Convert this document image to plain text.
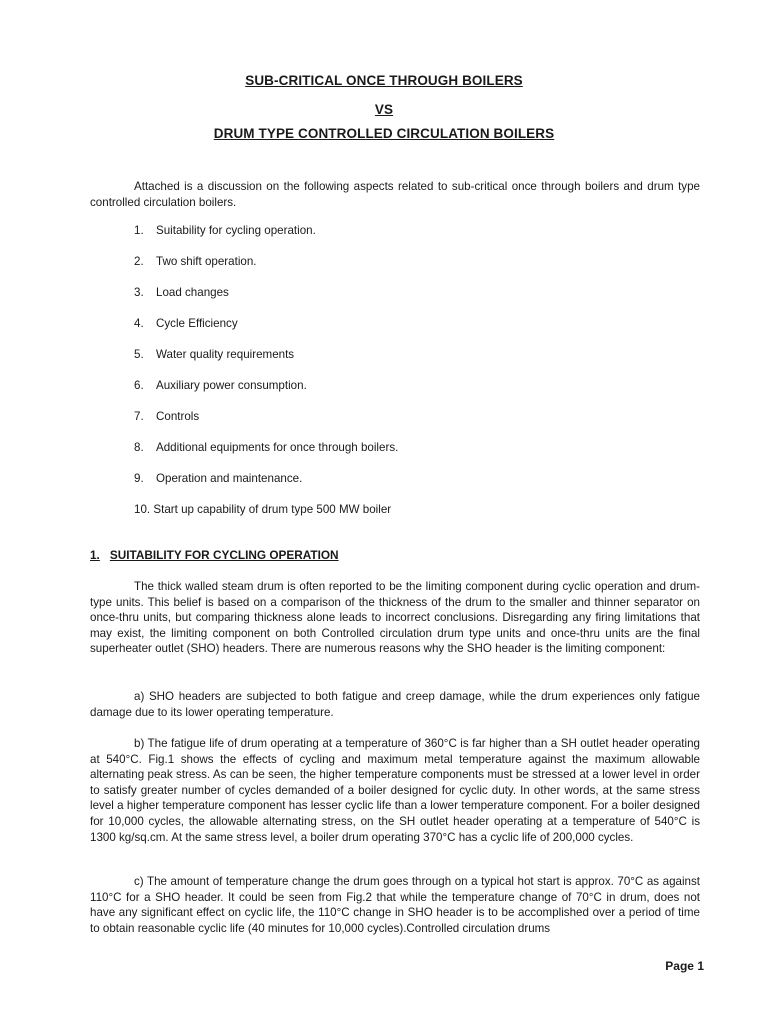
SUB-CRITICAL ONCE THROUGH BOILERS
VS
DRUM TYPE CONTROLLED CIRCULATION BOILERS

Attached is a discussion on the following aspects related to sub-critical once through boilers and drum type controlled circulation boilers.

1. Suitability for cycling operation.
2. Two shift operation.
3. Load changes
4. Cycle Efficiency
5. Water quality requirements
6. Auxiliary power consumption.
7. Controls
8. Additional equipments for once through boilers.
9. Operation and maintenance.
10. Start up capability of drum type 500 MW boiler
1. SUITABILITY FOR CYCLING OPERATION

The thick walled steam drum is often reported to be the limiting component during cyclic operation and drum-type units. This belief is based on a comparison of the thickness of the drum to the smaller and thinner separator on once-thru units, but comparing thickness alone leads to incorrect conclusions. Disregarding any firing limitations that may exist, the limiting component on both Controlled circulation drum type units and once-thru units are the final superheater outlet (SHO) headers. There are numerous reasons why the SHO header is the limiting component:

a) SHO headers are subjected to both fatigue and creep damage, while the drum experiences only fatigue damage due to its lower operating temperature.

b) The fatigue life of drum operating at a temperature of 360°C is far higher than a SH outlet header operating at 540°C. Fig.1 shows the effects of cycling and maximum metal temperature against the maximum allowable alternating peak stress. As can be seen, the higher temperature components must be stressed at a lower level in order to satisfy greater number of cycles demanded of a boiler designed for cyclic duty. In other words, at the same stress level a higher temperature component has lesser cyclic life than a lower temperature component. For a boiler designed for 10,000 cycles, the allowable alternating stress, on the SH outlet header operating at a temperature of 540°C is 1300 kg/sq.cm. At the same stress level, a boiler drum operating 370°C has a cyclic life of 200,000 cycles.

c) The amount of temperature change the drum goes through on a typical hot start is approx. 70°C as against 110°C for a SHO header. It could be seen from Fig.2 that while the temperature change of 70°C in drum, does not have any significant effect on cyclic life, the 110°C change in SHO header is to be accomplished over a period of time to obtain reasonable cyclic life (40 minutes for 10,000 cycles).Controlled circulation drums

Page 1
